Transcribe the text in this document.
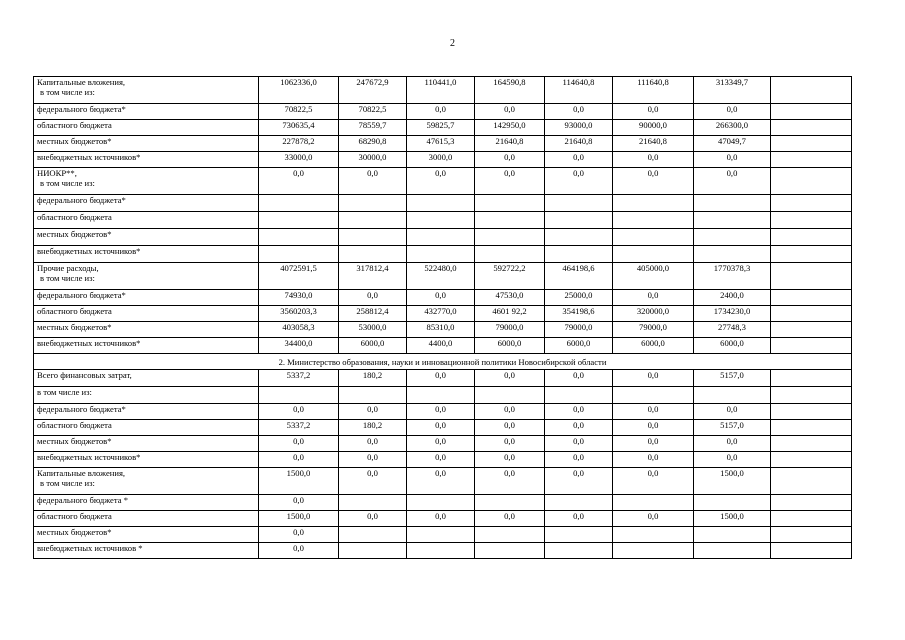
2
Капитальные вложения,
в том числе из:	1062336,0	247672,9	110441,0	164590,8	114640,8	111640,8	313349,7	
федерального бюджета*	70822,5	70822,5	0,0	0,0	0,0	0,0	0,0	
областного бюджета	730635,4	78559,7	59825,7	142950,0	93000,0	90000,0	266300,0	
местных бюджетов*	227878,2	68290,8	47615,3	21640,8	21640,8	21640,8	47049,7	
внебюджетных источников*	33000,0	30000,0	3000,0	0,0	0,0	0,0	0,0	
НИОКР**,
в том числе из:	0,0	0,0	0,0	0,0	0,0	0,0	0,0	
федерального бюджета*								
областного бюджета								
местных бюджетов*								
внебюджетных источников*								
Прочие расходы,
в том числе из:	4072591,5	317812,4	522480,0	592722,2	464198,6	405000,0	1770378,3	
федерального бюджета*	74930,0	0,0	0,0	47530,0	25000,0	0,0	2400,0	
областного бюджета	3560203,3	258812,4	432770,0	4601 92,2	354198,6	320000,0	1734230,0	
местных бюджетов*	403058,3	53000,0	85310,0	79000,0	79000,0	79000,0	27748,3	
внебюджетных источников*	34400,0	6000,0	4400,0	6000,0	6000,0	6000,0	6000,0	
2. Министерство образования, науки и инновационной политики Новосибирской области								
Всего финансовых затрат,	5337,2	180,2	0,0	0,0	0,0	0,0	5157,0	
в том числе из:								
федерального бюджета*	0,0	0,0	0,0	0,0	0,0	0,0	0,0	
областного бюджета	5337,2	180,2	0,0	0,0	0,0	0,0	5157,0	
местных бюджетов*	0,0	0,0	0,0	0,0	0,0	0,0	0,0	
внебюджетных источников*	0,0	0,0	0,0	0,0	0,0	0,0	0,0	
Капитальные вложения,
в том числе из:	1500,0	0,0	0,0	0,0	0,0	0,0	1500,0	
федерального бюджета *	0,0							
областного бюджета	1500,0	0,0	0,0	0,0	0,0	0,0	1500,0	
местных бюджетов*	0,0							
внебюджетных источников *	0,0							
